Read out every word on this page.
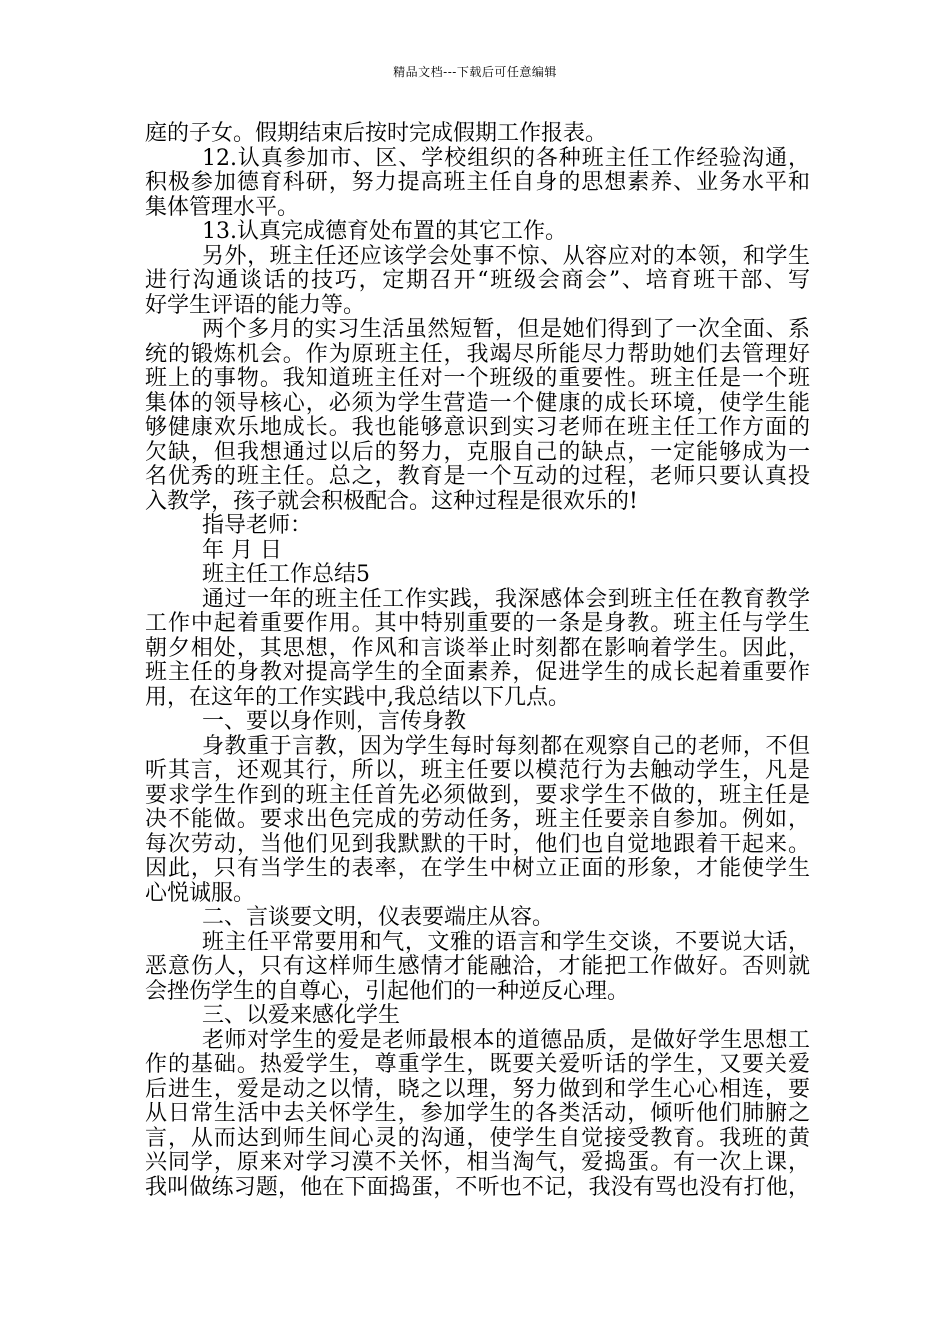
精品文档---下载后可任意编辑
庭的子女。假期结束后按时完成假期工作报表。
12.认真参加市、区、学校组织的各种班主任工作经验沟通，
积极参加德育科研，努力提高班主任自身的思想素养、业务水平和
集体管理水平。
13.认真完成德育处布置的其它工作。
另外，班主任还应该学会处事不惊、从容应对的本领，和学生
进行沟通谈话的技巧，定期召开“班级会商会”、培育班干部、写
好学生评语的能力等。
两个多月的实习生活虽然短暂，但是她们得到了一次全面、系
统的锻炼机会。作为原班主任，我竭尽所能尽力帮助她们去管理好
班上的事物。我知道班主任对一个班级的重要性。班主任是一个班
集体的领导核心，必须为学生营造一个健康的成长环境，使学生能
够健康欢乐地成长。我也能够意识到实习老师在班主任工作方面的
欠缺，但我想通过以后的努力，克服自己的缺点，一定能够成为一
名优秀的班主任。总之，教育是一个互动的过程，老师只要认真投
入教学，孩子就会积极配合。这种过程是很欢乐的!
指导老师：
年 月 日
班主任工作总结5
通过一年的班主任工作实践，我深感体会到班主任在教育教学
工作中起着重要作用。其中特别重要的一条是身教。班主任与学生
朝夕相处，其思想，作风和言谈举止时刻都在影响着学生。因此，
班主任的身教对提高学生的全面素养，促进学生的成长起着重要作
用，在这年的工作实践中,我总结以下几点。
一、要以身作则，言传身教
身教重于言教，因为学生每时每刻都在观察自己的老师，不但
听其言，还观其行，所以，班主任要以模范行为去触动学生，凡是
要求学生作到的班主任首先必须做到，要求学生不做的，班主任是
决不能做。要求出色完成的劳动任务，班主任要亲自参加。例如，
每次劳动，当他们见到我默默的干时，他们也自觉地跟着干起来。
因此，只有当学生的表率，在学生中树立正面的形象，才能使学生
心悦诚服。
二、言谈要文明，仪表要端庄从容。
班主任平常要用和气，文雅的语言和学生交谈，不要说大话，
恶意伤人，只有这样师生感情才能融洽，才能把工作做好。否则就
会挫伤学生的自尊心，引起他们的一种逆反心理。
三、以爱来感化学生
老师对学生的爱是老师最根本的道德品质，是做好学生思想工
作的基础。热爱学生，尊重学生，既要关爱听话的学生，又要关爱
后进生，爱是动之以情，晓之以理，努力做到和学生心心相连，要
从日常生活中去关怀学生，参加学生的各类活动，倾听他们肺腑之
言，从而达到师生间心灵的沟通，使学生自觉接受教育。我班的黄
兴同学，原来对学习漠不关怀，相当淘气，爱捣蛋。有一次上课，
我叫做练习题，他在下面捣蛋，不听也不记，我没有骂也没有打他，
